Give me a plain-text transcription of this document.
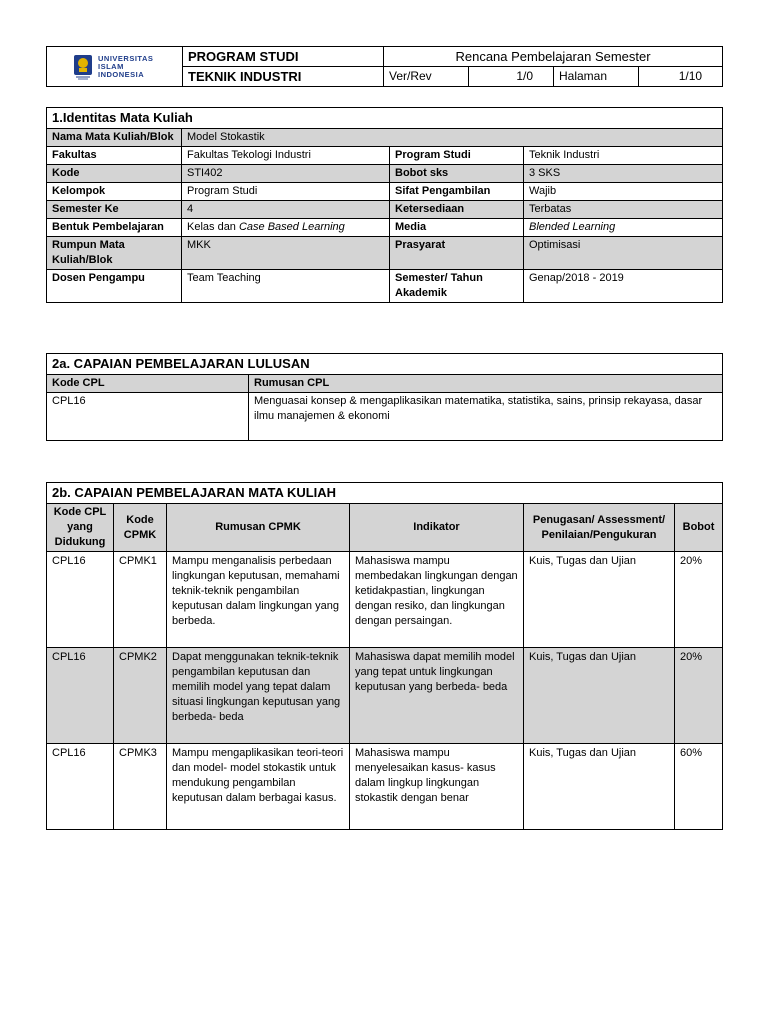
UNIVERSITAS
ISLAM
INDONESIA	PROGRAM STUDI	Rencana Pembelajaran Semester			
	TEKNIK INDUSTRI	Ver/Rev	1/0	Halaman	1/10
1.Identitas Mata Kuliah			
Nama Mata Kuliah/Blok	Model Stokastik		
Fakultas	Fakultas Tekologi Industri	Program Studi	Teknik Industri
Kode	STI402	Bobot sks	3 SKS
Kelompok	Program Studi	Sifat Pengambilan	Wajib
Semester Ke	4	Ketersediaan	Terbatas
Bentuk Pembelajaran	Kelas dan Case Based Learning	Media	Blended Learning
Rumpun Mata Kuliah/Blok	MKK	Prasyarat	Optimisasi
Dosen Pengampu	Team Teaching	Semester/ Tahun Akademik	Genap/2018 - 2019
2a. CAPAIAN PEMBELAJARAN LULUSAN	
Kode CPL	Rumusan CPL
CPL16	Menguasai konsep & mengaplikasikan matematika, statistika, sains, prinsip rekayasa, dasar ilmu manajemen & ekonomi
2b. CAPAIAN PEMBELAJARAN MATA KULIAH					
Kode CPL yang Didukung	Kode CPMK	Rumusan CPMK	Indikator	Penugasan/ Assessment/ Penilaian/Pengukuran	Bobot
CPL16	CPMK1	Mampu menganalisis perbedaan lingkungan keputusan, memahami teknik-teknik pengambilan keputusan dalam lingkungan yang berbeda.	Mahasiswa mampu membedakan lingkungan dengan ketidakpastian, lingkungan dengan resiko, dan lingkungan dengan persaingan.	Kuis, Tugas dan Ujian	20%
CPL16	CPMK2	Dapat menggunakan teknik-teknik pengambilan keputusan dan memilih model yang tepat dalam situasi lingkungan keputusan yang berbeda- beda	Mahasiswa dapat memilih model yang tepat untuk lingkungan keputusan yang berbeda- beda	Kuis, Tugas dan Ujian	20%
CPL16	CPMK3	Mampu mengaplikasikan teori-teori dan model- model stokastik untuk mendukung pengambilan keputusan dalam berbagai kasus.	Mahasiswa mampu menyelesaikan kasus- kasus dalam lingkup lingkungan stokastik dengan benar	Kuis, Tugas dan Ujian	60%
